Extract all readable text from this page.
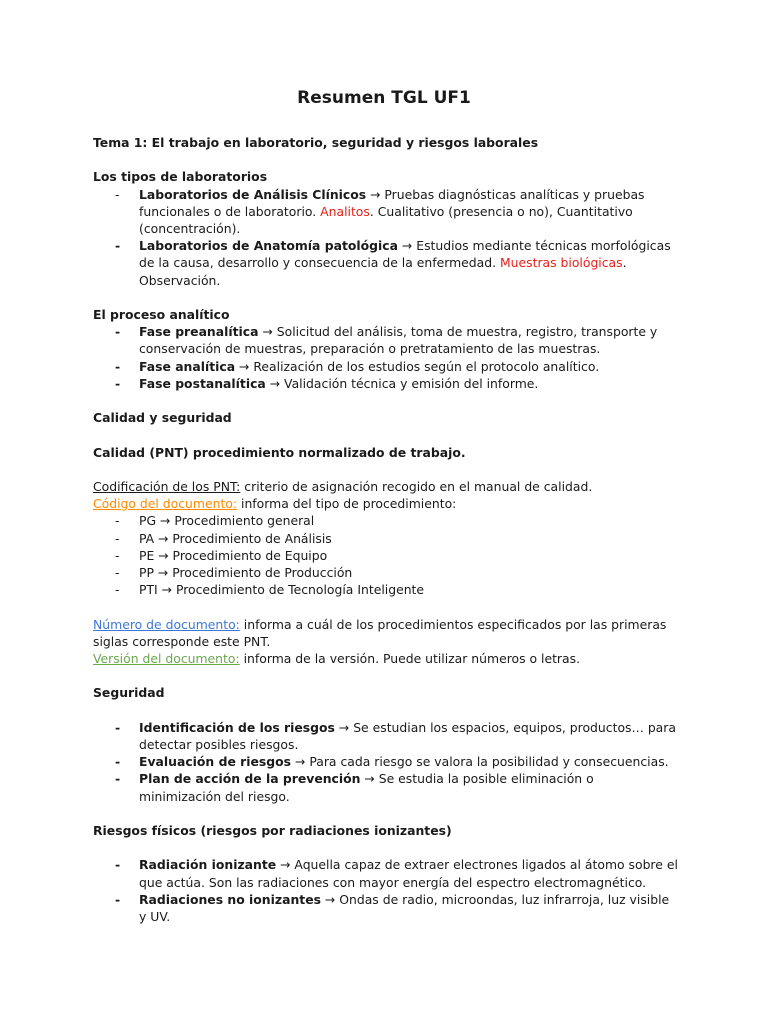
Resumen TGL UF1

Tema 1: El trabajo en laboratorio, seguridad y riesgos laborales

Los tipos de laboratorios

- Laboratorios de Análisis Clínicos → Pruebas diagnósticas analíticas y pruebas funcionales o de laboratorio. Analitos. Cualitativo (presencia o no), Cuantitativo (concentración).
- Laboratorios de Anatomía patológica → Estudios mediante técnicas morfológicas de la causa, desarrollo y consecuencia de la enfermedad. Muestras biológicas. Observación.

El proceso analítico

- Fase preanalítica → Solicitud del análisis, toma de muestra, registro, transporte y conservación de muestras, preparación o pretratamiento de las muestras.
- Fase analítica → Realización de los estudios según el protocolo analítico.
- Fase postanalítica → Validación técnica y emisión del informe.

Calidad y seguridad

Calidad (PNT) procedimiento normalizado de trabajo.

Codificación de los PNT: criterio de asignación recogido en el manual de calidad.

Código del documento: informa del tipo de procedimiento:

- PG → Procedimiento general
- PA → Procedimiento de Análisis
- PE → Procedimiento de Equipo
- PP → Procedimiento de Producción
- PTI → Procedimiento de Tecnología Inteligente

Número de documento: informa a cuál de los procedimientos especificados por las primeras siglas corresponde este PNT.

Versión del documento: informa de la versión. Puede utilizar números o letras.

Seguridad

- Identificación de los riesgos → Se estudian los espacios, equipos, productos… para detectar posibles riesgos.
- Evaluación de riesgos → Para cada riesgo se valora la posibilidad y consecuencias.
- Plan de acción de la prevención → Se estudia la posible eliminación o minimización del riesgo.

Riesgos físicos (riesgos por radiaciones ionizantes)

- Radiación ionizante → Aquella capaz de extraer electrones ligados al átomo sobre el que actúa. Son las radiaciones con mayor energía del espectro electromagnético.
- Radiaciones no ionizantes → Ondas de radio, microondas, luz infrarroja, luz visible y UV.
